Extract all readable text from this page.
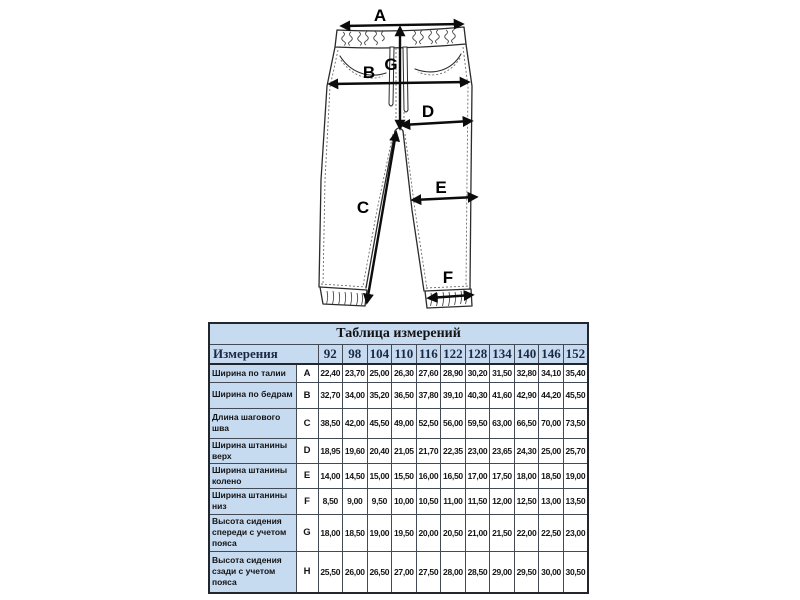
A
G
B
D
C
E
F
Таблица измерений												
Измерения		92	98	104	110	116	122	128	134	140	146	152
Ширина по талии	A	22,40	23,70	25,00	26,30	27,60	28,90	30,20	31,50	32,80	34,10	35,40
Ширина по бедрам	B	32,70	34,00	35,20	36,50	37,80	39,10	40,30	41,60	42,90	44,20	45,50
Длина шагового шва	C	38,50	42,00	45,50	49,00	52,50	56,00	59,50	63,00	66,50	70,00	73,50
Ширина штанины верх	D	18,95	19,60	20,40	21,05	21,70	22,35	23,00	23,65	24,30	25,00	25,70
Ширина штанины колено	E	14,00	14,50	15,00	15,50	16,00	16,50	17,00	17,50	18,00	18,50	19,00
Ширина штанины низ	F	8,50	9,00	9,50	10,00	10,50	11,00	11,50	12,00	12,50	13,00	13,50
Высота сидения спереди с учетом пояса	G	18,00	18,50	19,00	19,50	20,00	20,50	21,00	21,50	22,00	22,50	23,00
Высота сидения сзади с учетом пояса	H	25,50	26,00	26,50	27,00	27,50	28,00	28,50	29,00	29,50	30,00	30,50
